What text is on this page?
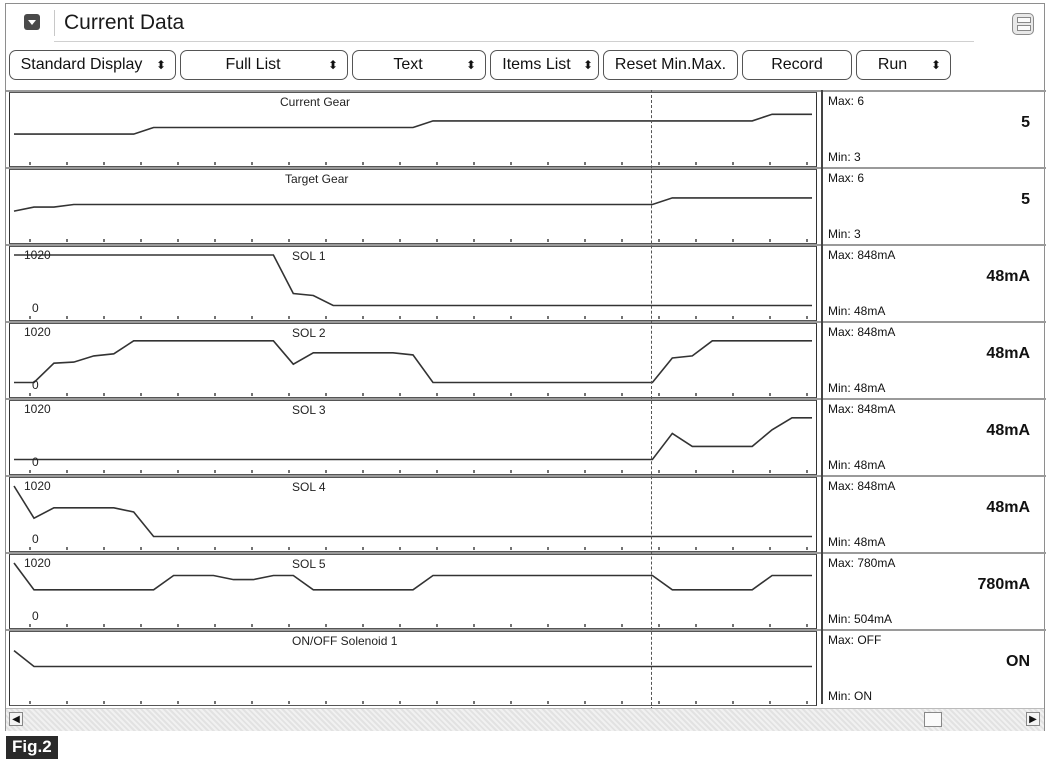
Current Data
Standard Display	⬍	Full List	⬍	Text	⬍	Items List	⬍	Reset Min.Max.	Record	Run	⬍
Current Gear	Max: 6
5
Min: 3
Target Gear	Max: 6
5
Min: 3
SOL 1
1020
0
Max: 848mA
48mA
Min: 48mA
SOL 2
1020
0
Max: 848mA
48mA
Min: 48mA
SOL 3
1020
0
Max: 848mA
48mA
Min: 48mA
SOL 4
1020
0
Max: 848mA
48mA
Min: 48mA
SOL 5
1020
0
Max: 780mA
780mA
Min: 504mA
ON/OFF Solenoid 1	Max: OFF
ON
Min: ON
◀	▶
Fig.2
